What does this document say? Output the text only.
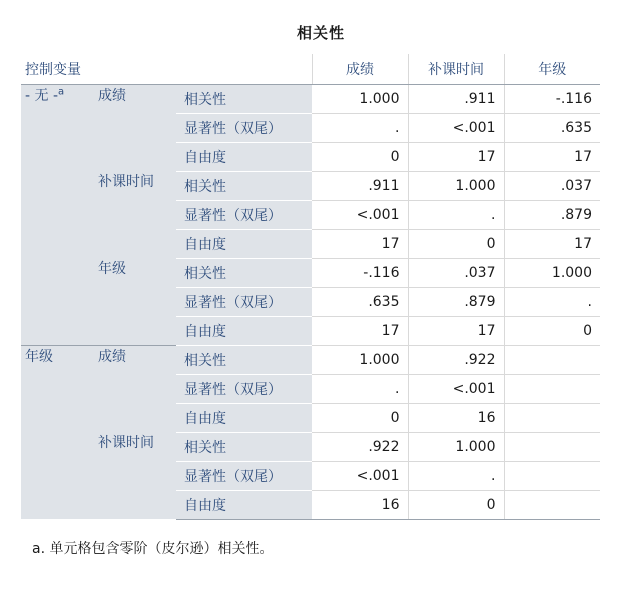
相关性
控制变量			成绩	补课时间	年级
- 无 -$^a$	成绩	相关性	1.000	.911	-.116
		显著性（双尾）	.	<.001	.635
		自由度	0	17	17
	补课时间	相关性	.911	1.000	.037
		显著性（双尾）	<.001	.	.879
		自由度	17	0	17
	年级	相关性	-.116	.037	1.000
		显著性（双尾）	.635	.879	.
		自由度	17	17	0
年级	成绩	相关性	1.000	.922	
		显著性（双尾）	.	<.001	
		自由度	0	16	
	补课时间	相关性	.922	1.000	
		显著性（双尾）	<.001	.	
		自由度	16	0	
a. 单元格包含零阶（皮尔逊）相关性。
